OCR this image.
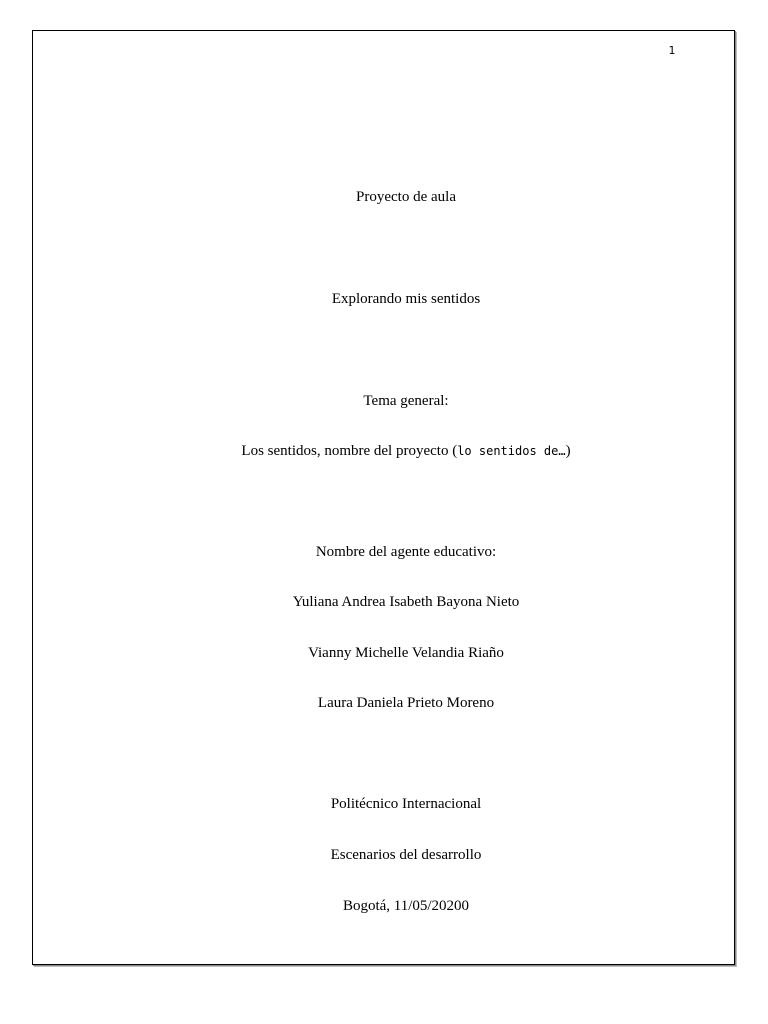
1
Proyecto de aula
Explorando mis sentidos
Tema general:
Los sentidos, nombre del proyecto (lo sentidos de…)
Nombre del agente educativo:
Yuliana Andrea Isabeth Bayona Nieto
Vianny Michelle Velandia Riaño
Laura Daniela Prieto Moreno
Politécnico Internacional
Escenarios del desarrollo
Bogotá, 11/05/20200
